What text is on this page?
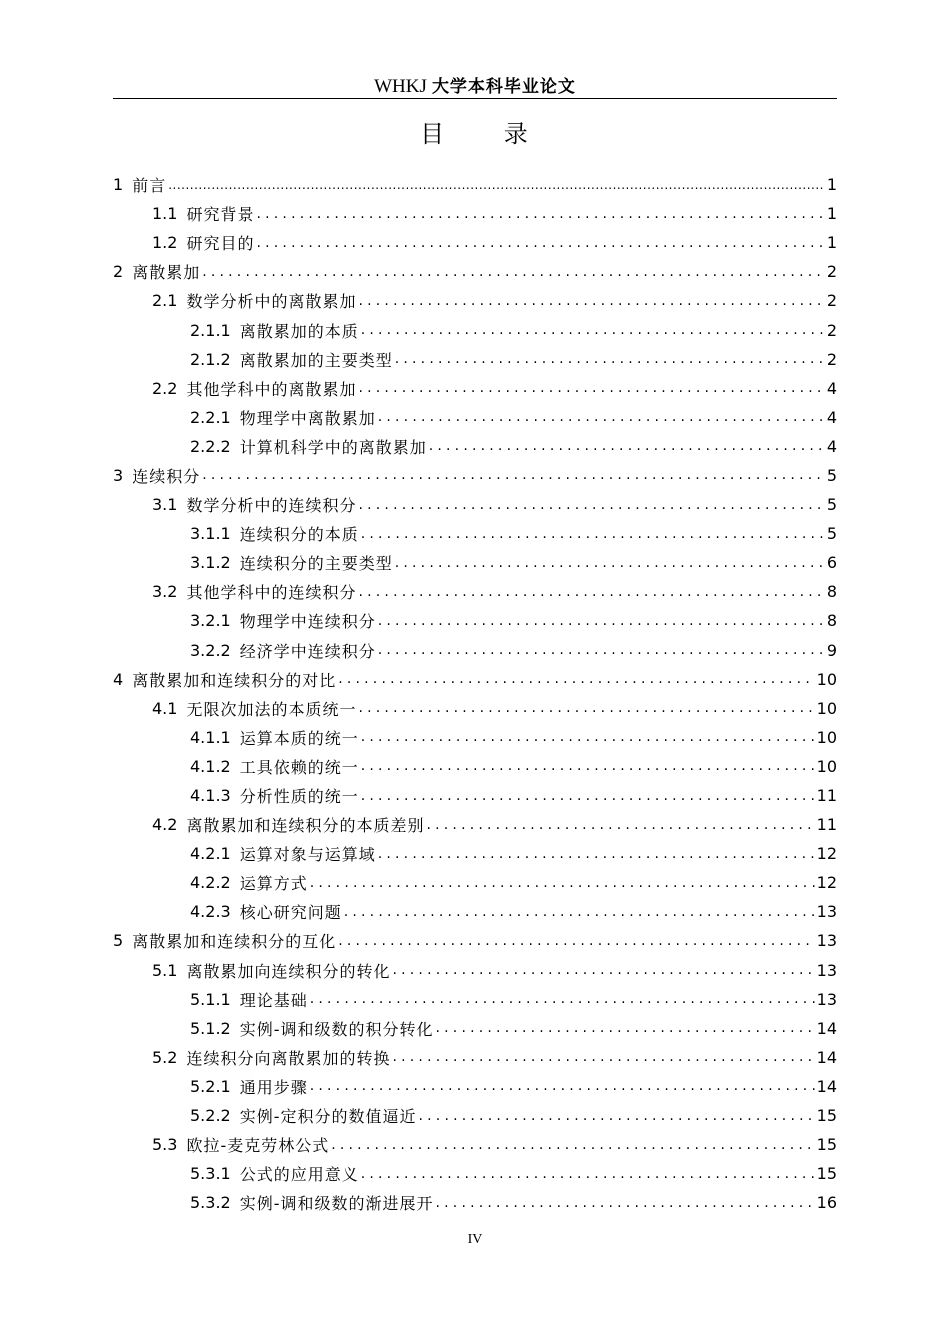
WHKJ 大学本科毕业论文
目 录
1 前言 .....	1
1.1 研究背景 .....	1
1.2 研究目的 .....	1
2 离散累加 .....	2
2.1 数学分析中的离散累加 .....	2
2.1.1 离散累加的本质 .....	2
2.1.2 离散累加的主要类型 .....	2
2.2 其他学科中的离散累加 .....	4
2.2.1 物理学中离散累加 .....	4
2.2.2 计算机科学中的离散累加 .....	4
3 连续积分 .....	5
3.1 数学分析中的连续积分 .....	5
3.1.1 连续积分的本质 .....	5
3.1.2 连续积分的主要类型 .....	6
3.2 其他学科中的连续积分 .....	8
3.2.1 物理学中连续积分 .....	8
3.2.2 经济学中连续积分 .....	9
4 离散累加和连续积分的对比 .....	10
4.1 无限次加法的本质统一 .....	10
4.1.1 运算本质的统一 .....	10
4.1.2 工具依赖的统一 .....	10
4.1.3 分析性质的统一 .....	11
4.2 离散累加和连续积分的本质差别 .....	11
4.2.1 运算对象与运算域 .....	12
4.2.2 运算方式 .....	12
4.2.3 核心研究问题 .....	13
5 离散累加和连续积分的互化 .....	13
5.1 离散累加向连续积分的转化 .....	13
5.1.1 理论基础 .....	13
5.1.2 实例-调和级数的积分转化 .....	14
5.2 连续积分向离散累加的转换 .....	14
5.2.1 通用步骤 .....	14
5.2.2 实例-定积分的数值逼近 .....	15
5.3 欧拉-麦克劳林公式 .....	15
5.3.1 公式的应用意义 .....	15
5.3.2 实例-调和级数的渐进展开 .....	16
IV
